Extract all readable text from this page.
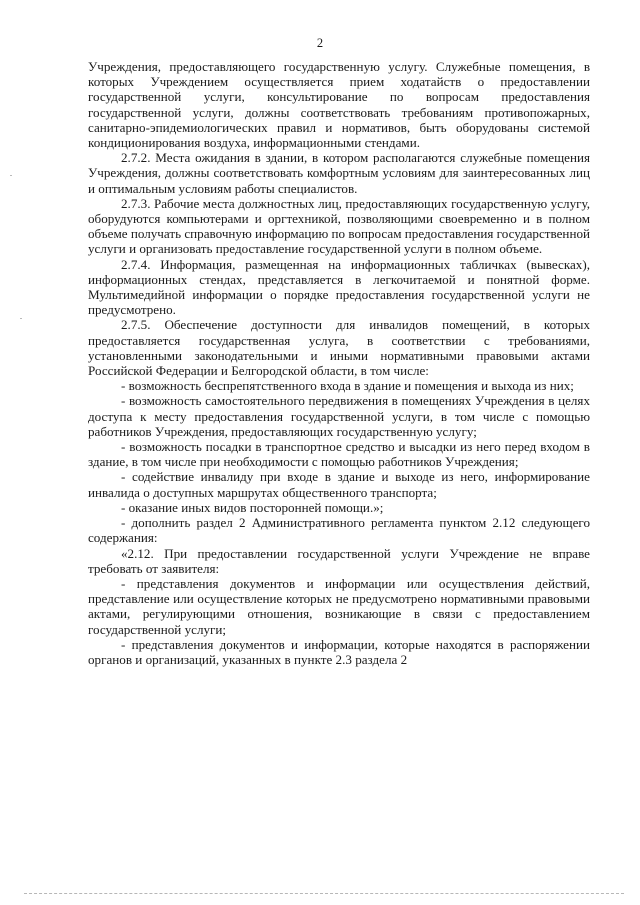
2

Учреждения, предоставляющего государственную услугу. Служебные помещения, в которых Учреждением осуществляется прием ходатайств о предоставлении государственной услуги, консультирование по вопросам предоставления государственной услуги, должны соответствовать требованиям противопожарных, санитарно-эпидемиологических правил и нормативов, быть оборудованы системой кондиционирования воздуха, информационными стендами.

2.7.2. Места ожидания в здании, в котором располагаются служебные помещения Учреждения, должны соответствовать комфортным условиям для заинтересованных лиц и оптимальным условиям работы специалистов.

2.7.3. Рабочие места должностных лиц, предоставляющих государственную услугу, оборудуются компьютерами и оргтехникой, позволяющими своевременно и в полном объеме получать справочную информацию по вопросам предоставления государственной услуги и организовать предоставление государственной услуги в полном объеме.

2.7.4. Информация, размещенная на информационных табличках (вывесках), информационных стендах, представляется в легкочитаемой и понятной форме. Мультимедийной информации о порядке предоставления государственной услуги не предусмотрено.

2.7.5. Обеспечение доступности для инвалидов помещений, в которых предоставляется государственная услуга, в соответствии с требованиями, установленными законодательными и иными нормативными правовыми актами Российской Федерации и Белгородской области, в том числе:

- возможность беспрепятственного входа в здание и помещения и выхода из них;

- возможность самостоятельного передвижения в помещениях Учреждения в целях доступа к месту предоставления государственной услуги, в том числе с помощью работников Учреждения, предоставляющих государственную услугу;

- возможность посадки в транспортное средство и высадки из него перед входом в здание, в том числе при необходимости с помощью работников Учреждения;

- содействие инвалиду при входе в здание и выходе из него, информирование инвалида о доступных маршрутах общественного транспорта;

- оказание иных видов посторонней помощи.»;

- дополнить раздел 2 Административного регламента пунктом 2.12 следующего содержания:

«2.12. При предоставлении государственной услуги Учреждение не вправе требовать от заявителя:

- представления документов и информации или осуществления действий, представление или осуществление которых не предусмотрено нормативными правовыми актами, регулирующими отношения, возникающие в связи с предоставлением государственной услуги;

- представления документов и информации, которые находятся в распоряжении органов и организаций, указанных в пункте 2.3 раздела 2
